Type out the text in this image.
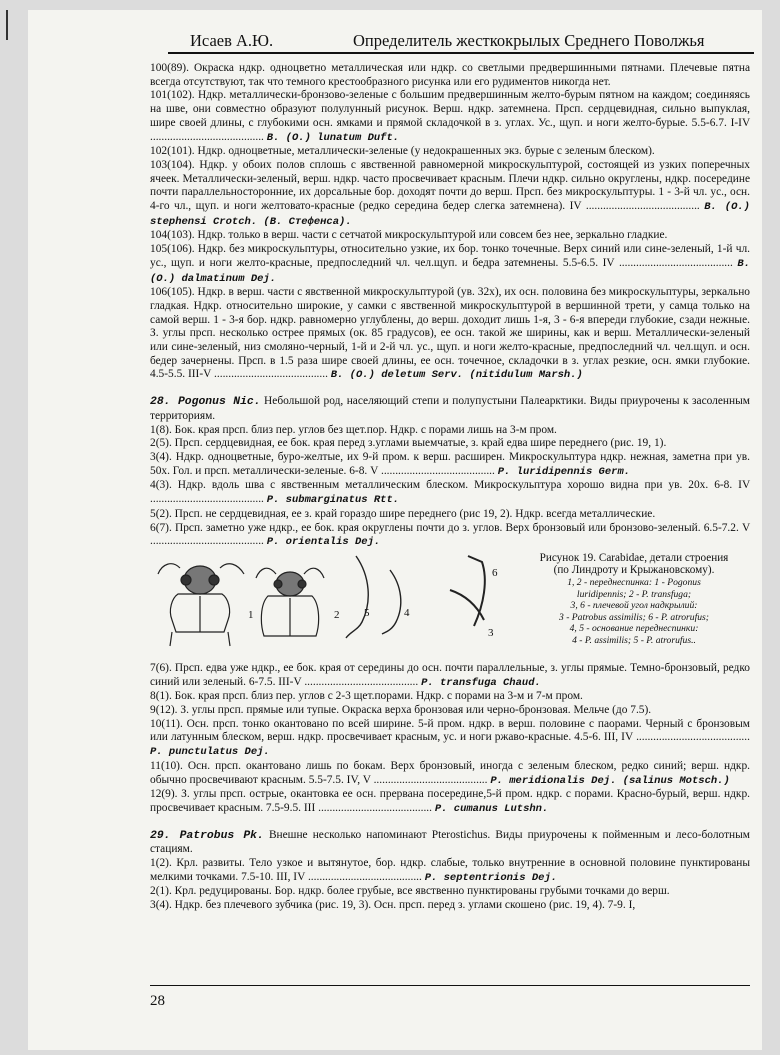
Исаев А.Ю.	Определитель жесткокрылых Среднего Поволжья

100(89). Окраска ндкр. одноцветно металлическая или ндкр. со светлыми предвершинными пятнами. Плечевые пятна всегда отсутствуют, так что темного крестообразного рисунка или его рудиментов никогда нет.

101(102). Ндкр. металлически-бронзово-зеленые с большим предвершинным желто-бурым пятном на каждом; соединяясь на шве, они совместно образуют полулунный рисунок. Верш. ндкр. затемнена. Прсп. сердцевидная, сильно выпуклая, шире своей длины, с глубокими осн. ямками и прямой складочкой в з. углах. Ус., щуп. и ноги желто-бурые. 5.5-6.7. I-IV ........................................ B. (O.) lunatum Duft.

102(101). Ндкр. одноцветные, металлически-зеленые (у недокрашенных экз. бурые с зеленым блеском).

103(104). Ндкр. у обоих полов сплошь с явственной равномерной микроскульптурой, состоящей из узких поперечных ячеек. Металлически-зеленый, верш. ндкр. часто просвечивает красным. Плечи ндкр. сильно округлены, ндкр. посередине почти параллельносторонние, их дорсальные бор. доходят почти до верш. Прсп. без микроскульптуры. 1 - 3-й чл. ус., осн. 4-го чл., щуп. и ноги желтовато-красные (редко середина бедер слегка затемнена). IV ........................................ B. (O.) stephensi Crotch. (B. Стефенса).

104(103). Ндкр. только в верш. части с сетчатой микроскульптурой или совсем без нее, зеркально гладкие.

105(106). Ндкр. без микроскульптуры, относительно узкие, их бор. тонко точечные. Верх синий или сине-зеленый, 1-й чл. ус., щуп. и ноги желто-красные, предпоследний чл. чел.щуп. и бедра затемнены. 5.5-6.5. IV ........................................ B. (O.) dalmatinum Dej.

106(105). Ндкр. в верш. части с явственной микроскульптурой (ув. 32х), их осн. половина без микроскульптуры, зеркально гладкая. Ндкр. относительно широкие, у самки с явственной микроскульптурой в вершинной трети, у самца только на самой верш. 1 - 3-я бор. ндкр. равномерно углублены, до верш. доходит лишь 1-я, 3 - 6-я впереди глубокие, сзади нежные. З. углы прсп. несколько острее прямых (ок. 85 градусов), ее осн. такой же ширины, как и верш. Металлически-зеленый или сине-зеленый, низ смоляно-черный, 1-й и 2-й чл. ус., щуп. и ноги желто-красные, предпоследний чл. чел.щуп. и осн. бедер зачернены. Прсп. в 1.5 раза шире своей длины, ее осн. точечное, складочки в з. углах резкие, осн. ямки глубокие. 4.5-5.5. III-V ........................................ B. (O.) deletum Serv. (nitidulum Marsh.)

28. Pogonus Nic. Небольшой род, населяющий степи и полупустыни Палеарктики. Виды приурочены к засоленным территориям.

1(8). Бок. края прсп. близ пер. углов без щет.пор. Ндкр. с порами лишь на 3-м пром.

2(5). Прсп. сердцевидная, ее бок. края перед з.углами выемчатые, з. край едва шире переднего (рис. 19, 1).

3(4). Ндкр. одноцветные, буро-желтые, их 9-й пром. к верш. расширен. Микроскульптура ндкр. нежная, заметна при ув. 50х. Гол. и прсп. металлически-зеленые. 6-8. V ........................................ P. luridipennis Germ.

4(3). Ндкр. вдоль шва с явственным металлическим блеском. Микроскульптура хорошо видна при ув. 20х. 6-8. IV ........................................ P. submarginatus Rtt.

5(2). Прсп. не сердцевидная, ее з. край гораздо шире переднего (рис 19, 2). Ндкр. всегда металлические.

6(7). Прсп. заметно уже ндкр., ее бок. края округлены почти до з. углов. Верх бронзовый или бронзово-зеленый. 6.5-7.2. V ........................................ P. orientalis Dej.

1	2 5	4
6
3
Рисунок 19. Carabidae, детали строения
(по Линдроту и Крыжановскому).
1, 2 - переднеспинка: 1 - Pogonus
luridipennis; 2 - P. transfuga;
3, 6 - плечевой угол надкрылий:
3 - Patrobus assimilis; 6 - P. atrorufus;
4, 5 - основание переднеспинки:
4 - P. assimilis; 5 - P. atrorufus..

7(6). Прсп. едва уже ндкр., ее бок. края от середины до осн. почти параллельные, з. углы прямые. Темно-бронзовый, редко синий или зеленый. 6-7.5. III-V ........................................ P. transfuga Chaud.

8(1). Бок. края прсп. близ пер. углов с 2-3 щет.порами. Ндкр. с порами на 3-м и 7-м пром.

9(12). З. углы прсп. прямые или тупые. Окраска верха бронзовая или черно-бронзовая. Мельче (до 7.5).

10(11). Осн. прсп. тонко окантовано по всей ширине. 5-й пром. ндкр. в верш. половине с паорами. Черный с бронзовым или латунным блеском, верш. ндкр. просвечивает красным, ус. и ноги ржаво-красные. 4.5-6. III, IV ........................................ P. punctulatus Dej.

11(10). Осн. прсп. окантовано лишь по бокам. Верх бронзовый, иногда с зеленым блеском, редко синий; верш. ндкр. обычно просвечивают красным. 5.5-7.5. IV, V ........................................ P. meridionalis Dej. (salinus Motsch.)

12(9). З. углы прсп. острые, окантовка ее осн. прервана посередине,5-й пром. ндкр. с порами. Красно-бурый, верш. ндкр. просвечивает красным. 7.5-9.5. III ........................................ P. cumanus Lutshn.

29. Patrobus Pk. Внешне несколько напоминают Pterostichus. Виды приурочены к пойменным и лесо-болотным стациям.

1(2). Крл. развиты. Тело узкое и вытянутое, бор. ндкр. слабые, только внутренние в основной половине пунктированы мелкими точками. 7.5-10. III, IV ........................................ P. septentrionis Dej.

2(1). Крл. редуцированы. Бор. ндкр. более грубые, все явственно пунктированы грубыми точками до верш.

3(4). Ндкр. без плечевого зубчика (рис. 19, 3). Осн. прсп. перед з. углами скошено (рис. 19, 4). 7-9. I,

28
